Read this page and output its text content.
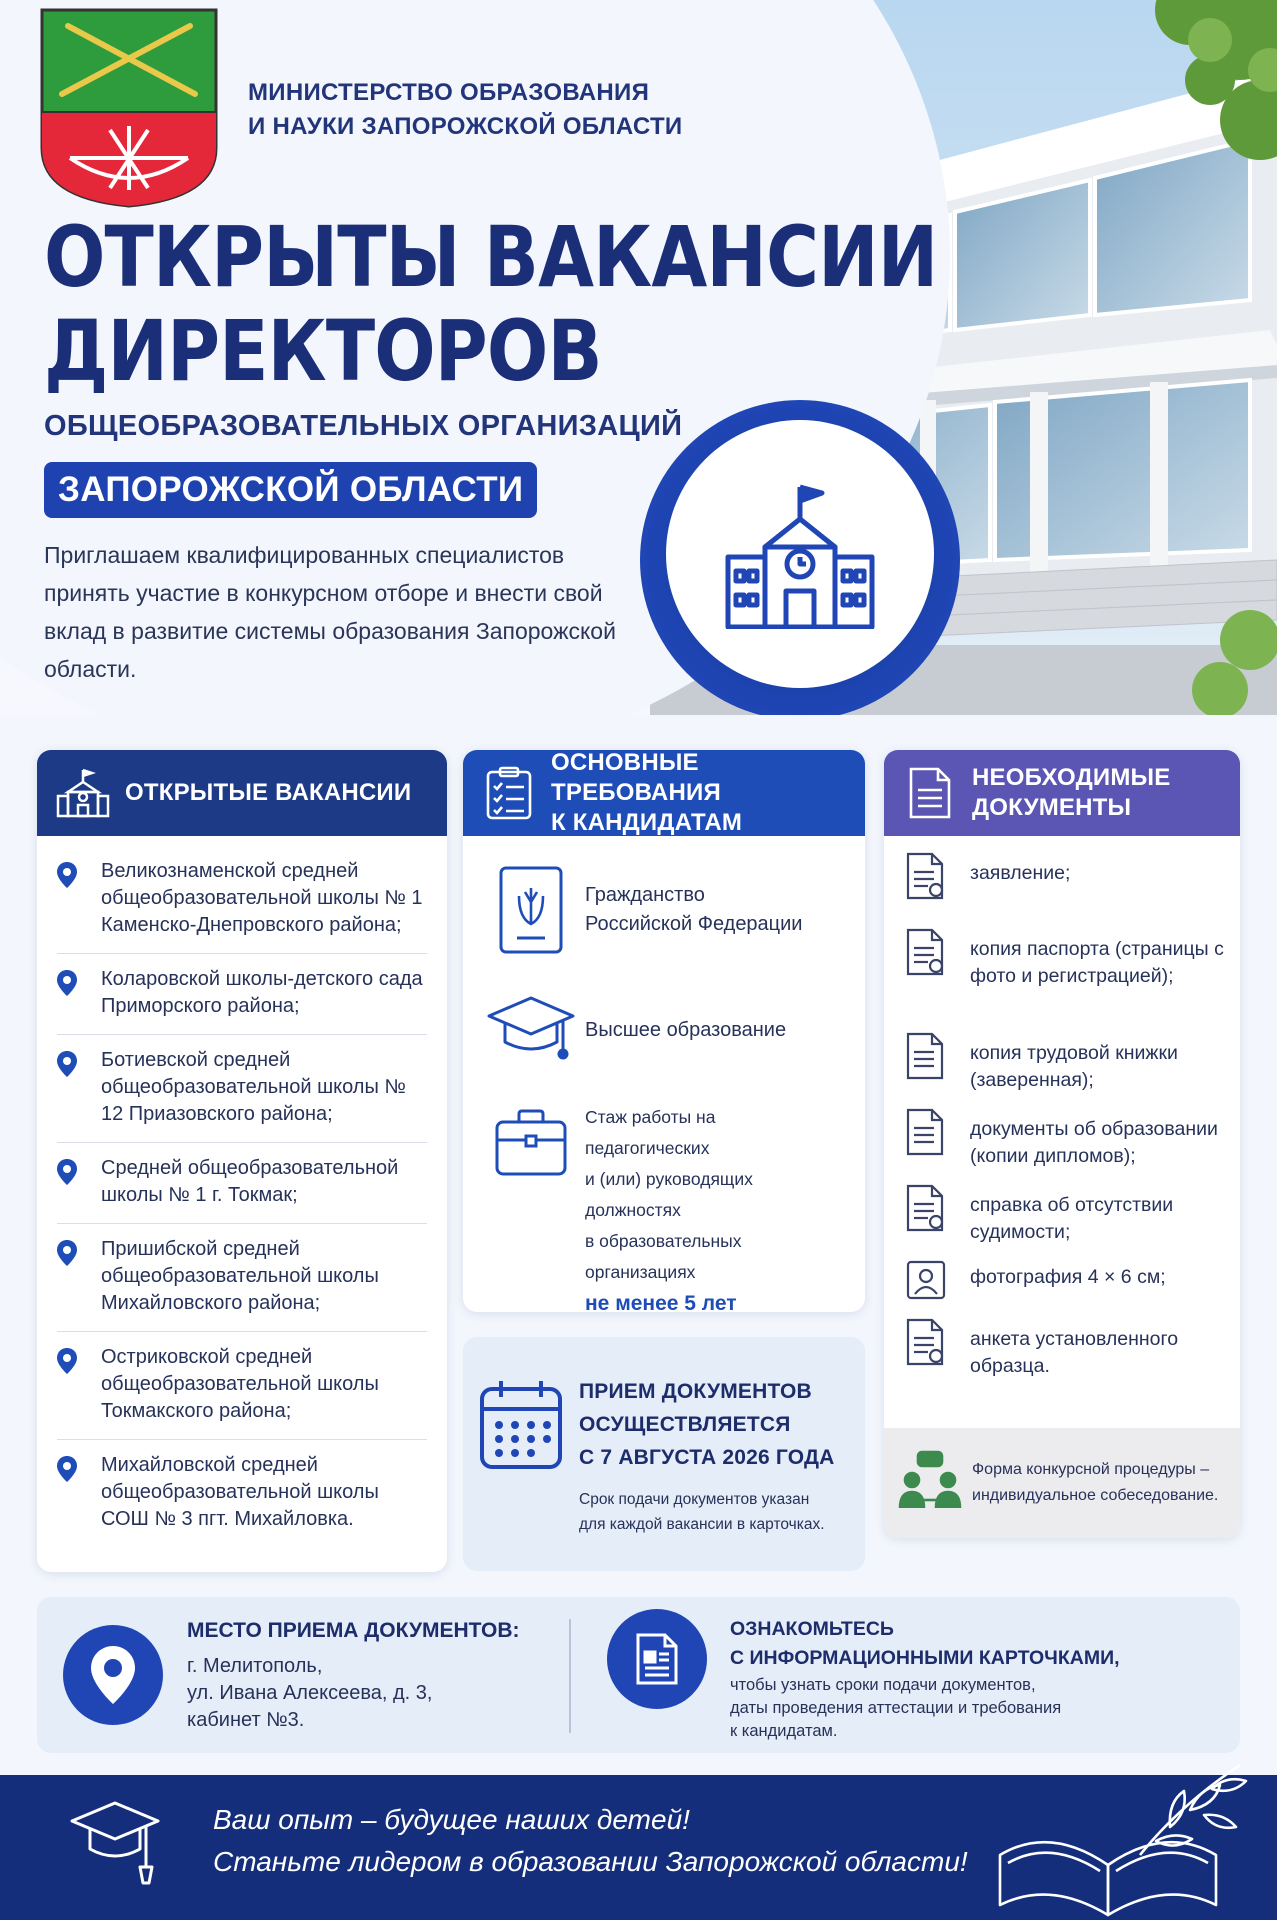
МИНИСТЕРСТВО ОБРАЗОВАНИЯ
И НАУКИ ЗАПОРОЖСКОЙ ОБЛАСТИ
ОТКРЫТЫ ВАКАНСИИ
ДИРЕКТОРОВ
ОБЩЕОБРАЗОВАТЕЛЬНЫХ ОРГАНИЗАЦИЙ
ЗАПОРОЖСКОЙ ОБЛАСТИ

Приглашаем квалифицированных специалистов принять участие в конкурсном отборе и внести свой вклад в развитие системы образования Запорожской области.

ОТКРЫТЫЕ ВАКАНСИИ
Великознаменской средней общеобразовательной школы № 1 Каменско-Днепровского района;
Коларовской школы-детского сада Приморского района;
Ботиевской средней общеобразовательной школы № 12 Приазовского района;
Средней общеобразовательной школы № 1 г. Токмак;
Пришибской средней общеобразовательной школы Михайловского района;
Остриковской средней общеобразовательной школы Токмакского района;
Михайловской средней общеобразовательной школы СОШ № 3 пгт. Михайловка.
ОСНОВНЫЕ ТРЕБОВАНИЯ
К КАНДИДАТАМ
Гражданство
Российской Федерации
Высшее образование
Стаж работы на педагогических
и (или) руководящих должностях
в образовательных организациях
не менее 5 лет
ПРИЕМ ДОКУМЕНТОВ
ОСУЩЕСТВЛЯЕТСЯ
С 7 АВГУСТА 2026 ГОДА
Срок подачи документов указан
для каждой вакансии в карточках.
НЕОБХОДИМЫЕ
ДОКУМЕНТЫ
заявление;
копия паспорта (страницы с фото и регистрацией);
копия трудовой книжки (заверенная);
документы об образовании (копии дипломов);
справка об отсутствии судимости;
фотография 4 × 6 см;
анкета установленного образца.
Форма конкурсной процедуры – индивидуальное собеседование.
МЕСТО ПРИЕМА ДОКУМЕНТОВ:
г. Мелитополь,
ул. Ивана Алексеева, д. 3,
кабинет №3.
ОЗНАКОМЬТЕСЬ
С ИНФОРМАЦИОННЫМИ КАРТОЧКАМИ,
чтобы узнать сроки подачи документов,
даты проведения аттестации и требования
к кандидатам.
Ваш опыт – будущее наших детей!
Станьте лидером в образовании Запорожской области!
